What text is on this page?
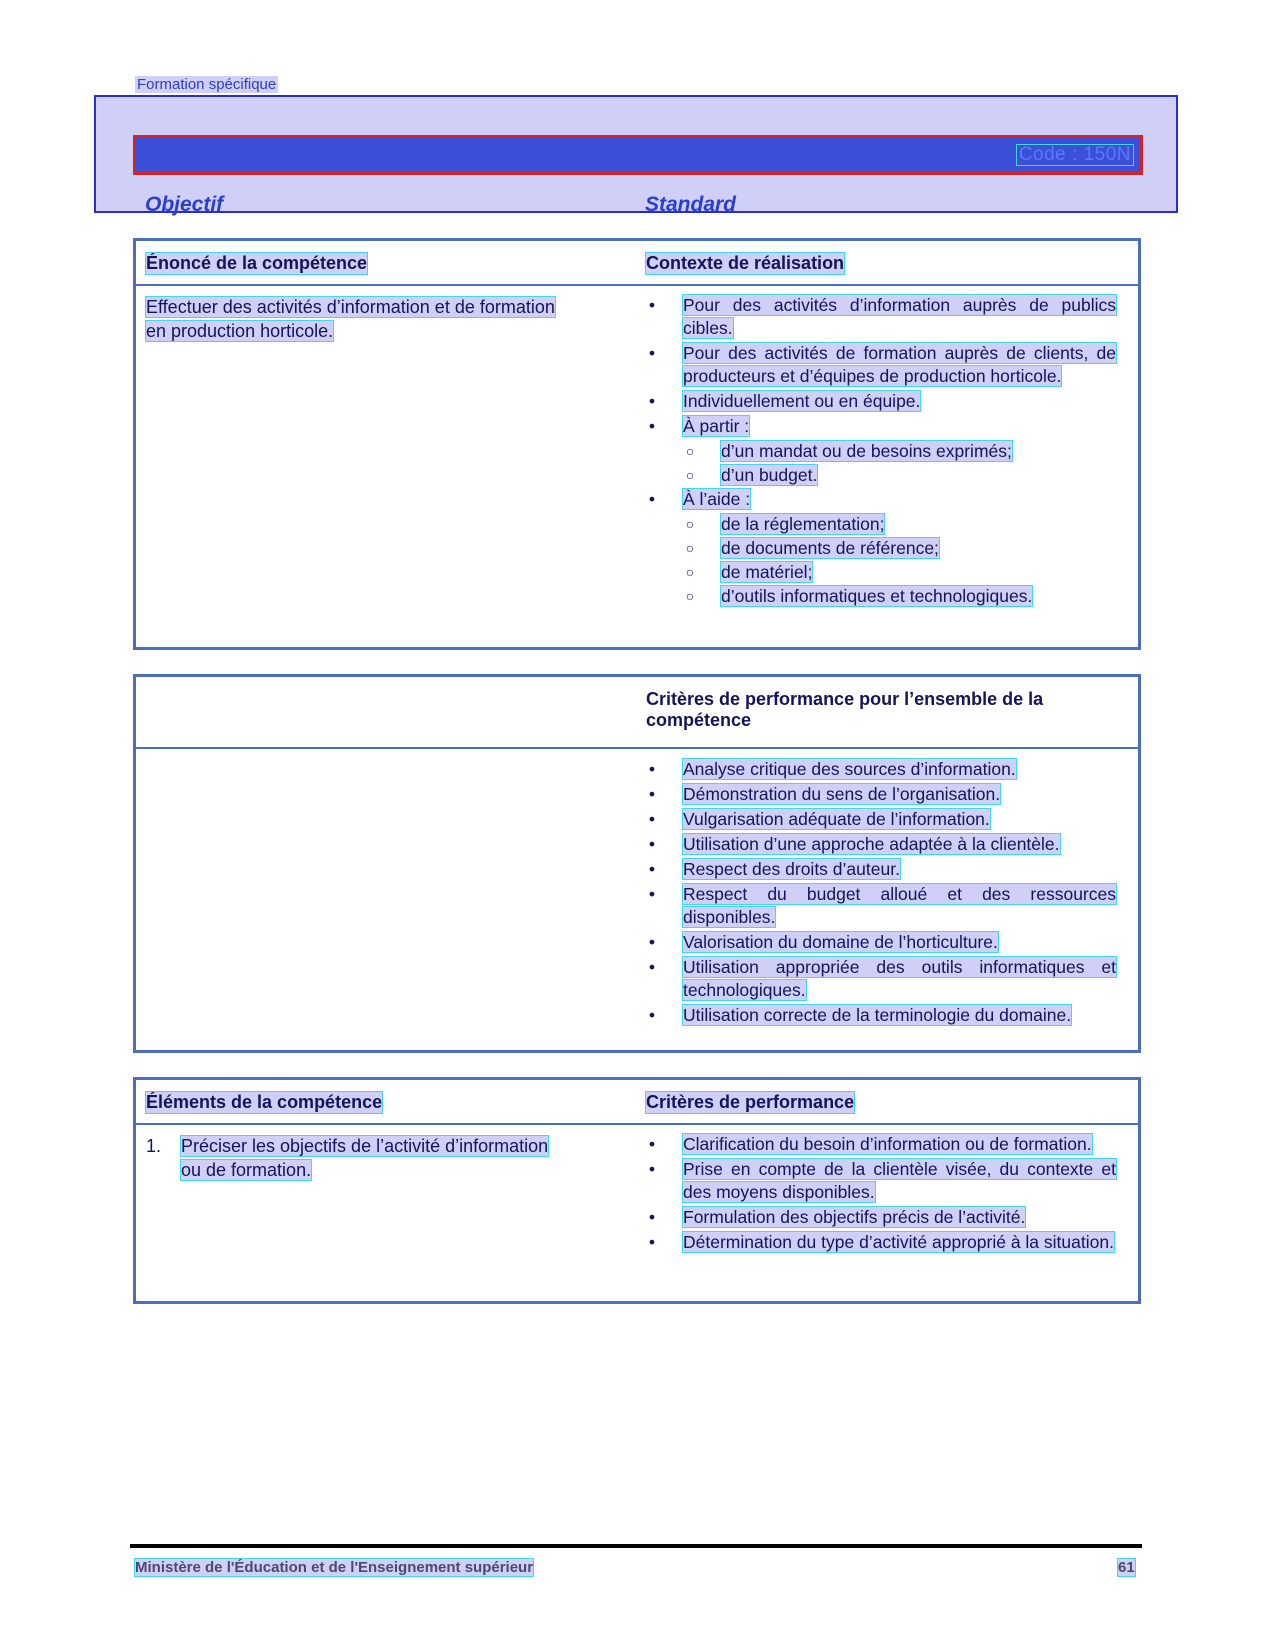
Formation spécifique
Code : 150N
Objectif	Standard
Énoncé de la compétence	Contexte de réalisation
Effectuer des activités d’information et de formation
en production horticole.
• Pour des activités d’information auprès de publics cibles.
• Pour des activités de formation auprès de clients, de producteurs et d’équipes de production horticole.
• Individuellement ou en équipe.
• À partir :
○ d’un mandat ou de besoins exprimés;
○ d’un budget.
• À l’aide :
○ de la réglementation;
○ de documents de référence;
○ de matériel;
○ d’outils informatiques et technologiques.
Critères de performance pour l’ensemble de la compétence
• Analyse critique des sources d’information.
• Démonstration du sens de l’organisation.
• Vulgarisation adéquate de l’information.
• Utilisation d’une approche adaptée à la clientèle.
• Respect des droits d’auteur.
• Respect du budget alloué et des ressources disponibles.
• Valorisation du domaine de l’horticulture.
• Utilisation appropriée des outils informatiques et technologiques.
• Utilisation correcte de la terminologie du domaine.
Éléments de la compétence	Critères de performance
1. Préciser les objectifs de l’activité d’information
ou de formation.
• Clarification du besoin d’information ou de formation.
• Prise en compte de la clientèle visée, du contexte et des moyens disponibles.
• Formulation des objectifs précis de l’activité.
• Détermination du type d’activité approprié à la situation.
Ministère de l'Éducation et de l'Enseignement supérieur	61
